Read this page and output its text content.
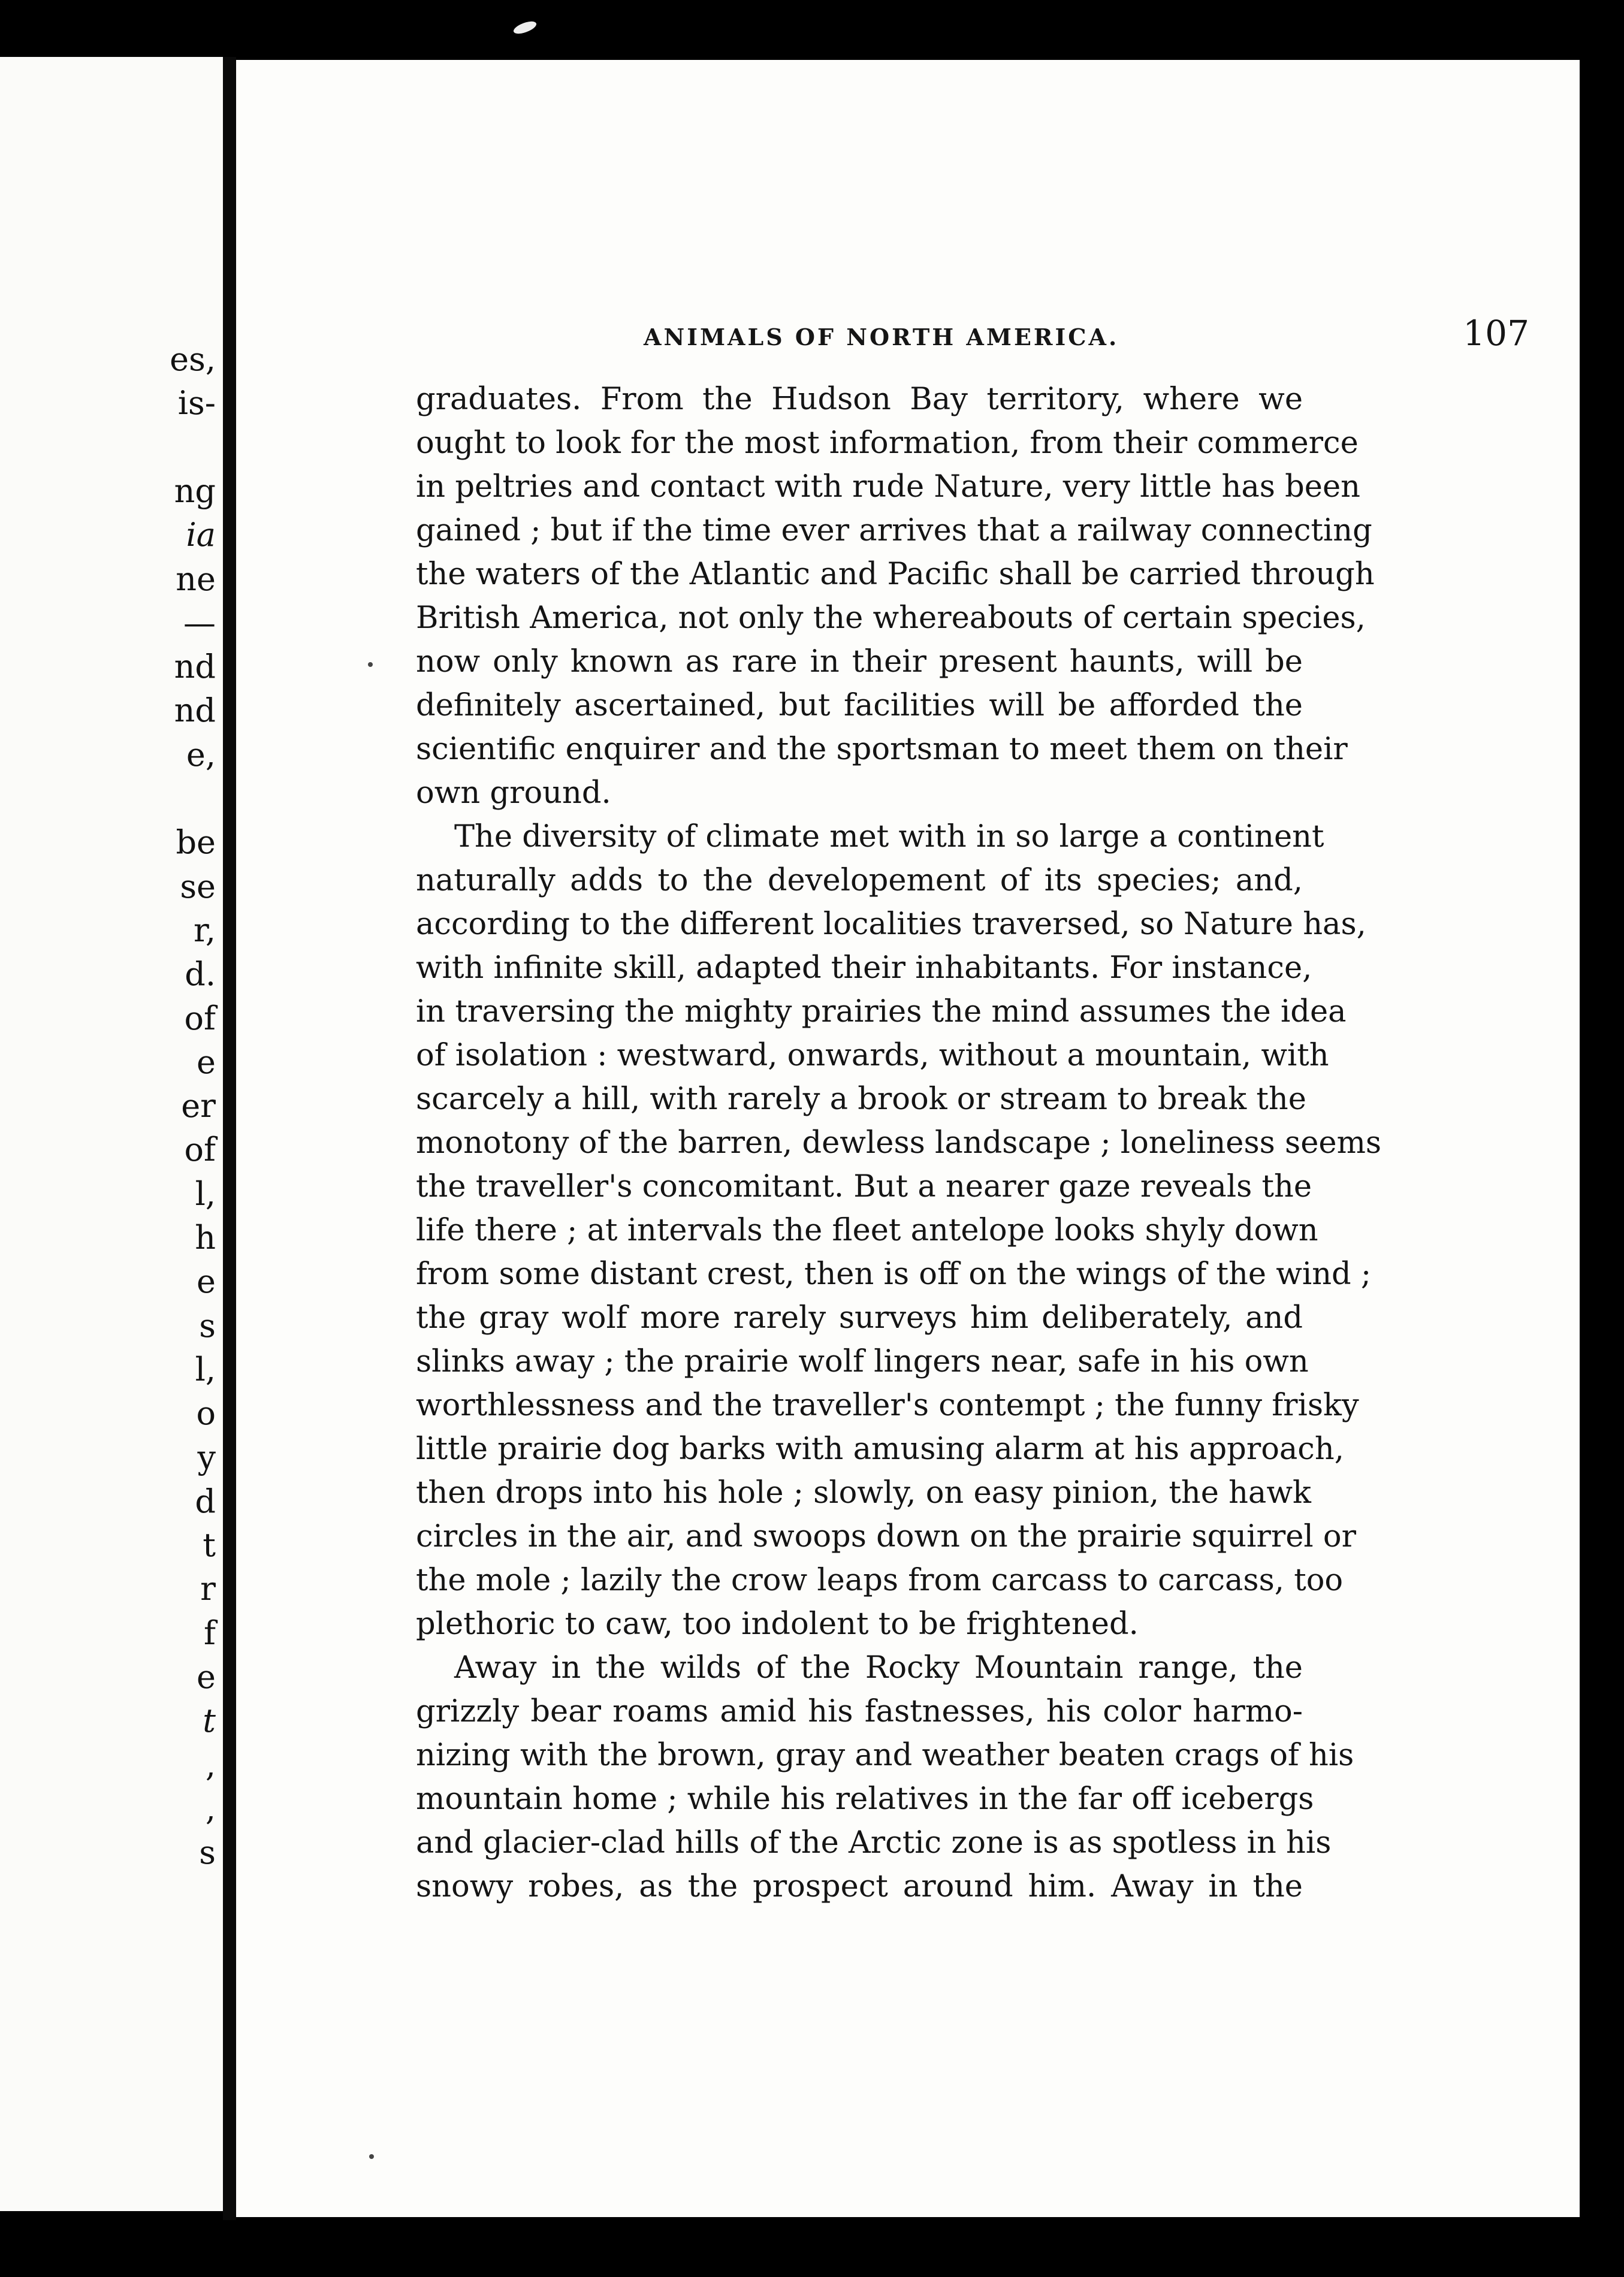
es,
is-
ng
ia
ne
—
nd
nd
e,
be
se
r,
d.
of
e
er
of
l,
h
e
s
l,
o
y
d
t
r
f
e
t
,
,
s
ANIMALS OF NORTH AMERICA.	107
graduates. From the Hudson Bay territory, where we
ought to look for the most information, from their commerce
in peltries and contact with rude Nature, very little has been
gained ; but if the time ever arrives that a railway connecting
the waters of the Atlantic and Pacific shall be carried through
British America, not only the whereabouts of certain species,
now only known as rare in their present haunts, will be
definitely ascertained, but facilities will be afforded the
scientific enquirer and the sportsman to meet them on their
own ground.
The diversity of climate met with in so large a continent
naturally adds to the developement of its species; and,
according to the different localities traversed, so Nature has,
with infinite skill, adapted their inhabitants. For instance,
in traversing the mighty prairies the mind assumes the idea
of isolation : westward, onwards, without a mountain, with
scarcely a hill, with rarely a brook or stream to break the
monotony of the barren, dewless landscape ; loneliness seems
the traveller's concomitant. But a nearer gaze reveals the
life there ; at intervals the fleet antelope looks shyly down
from some distant crest, then is off on the wings of the wind ;
the gray wolf more rarely surveys him deliberately, and
slinks away ; the prairie wolf lingers near, safe in his own
worthlessness and the traveller's contempt ; the funny frisky
little prairie dog barks with amusing alarm at his approach,
then drops into his hole ; slowly, on easy pinion, the hawk
circles in the air, and swoops down on the prairie squirrel or
the mole ; lazily the crow leaps from carcass to carcass, too
plethoric to caw, too indolent to be frightened.
Away in the wilds of the Rocky Mountain range, the
grizzly bear roams amid his fastnesses, his color harmo-
nizing with the brown, gray and weather beaten crags of his
mountain home ; while his relatives in the far off icebergs
and glacier-clad hills of the Arctic zone is as spotless in his
snowy robes, as the prospect around him. Away in the
